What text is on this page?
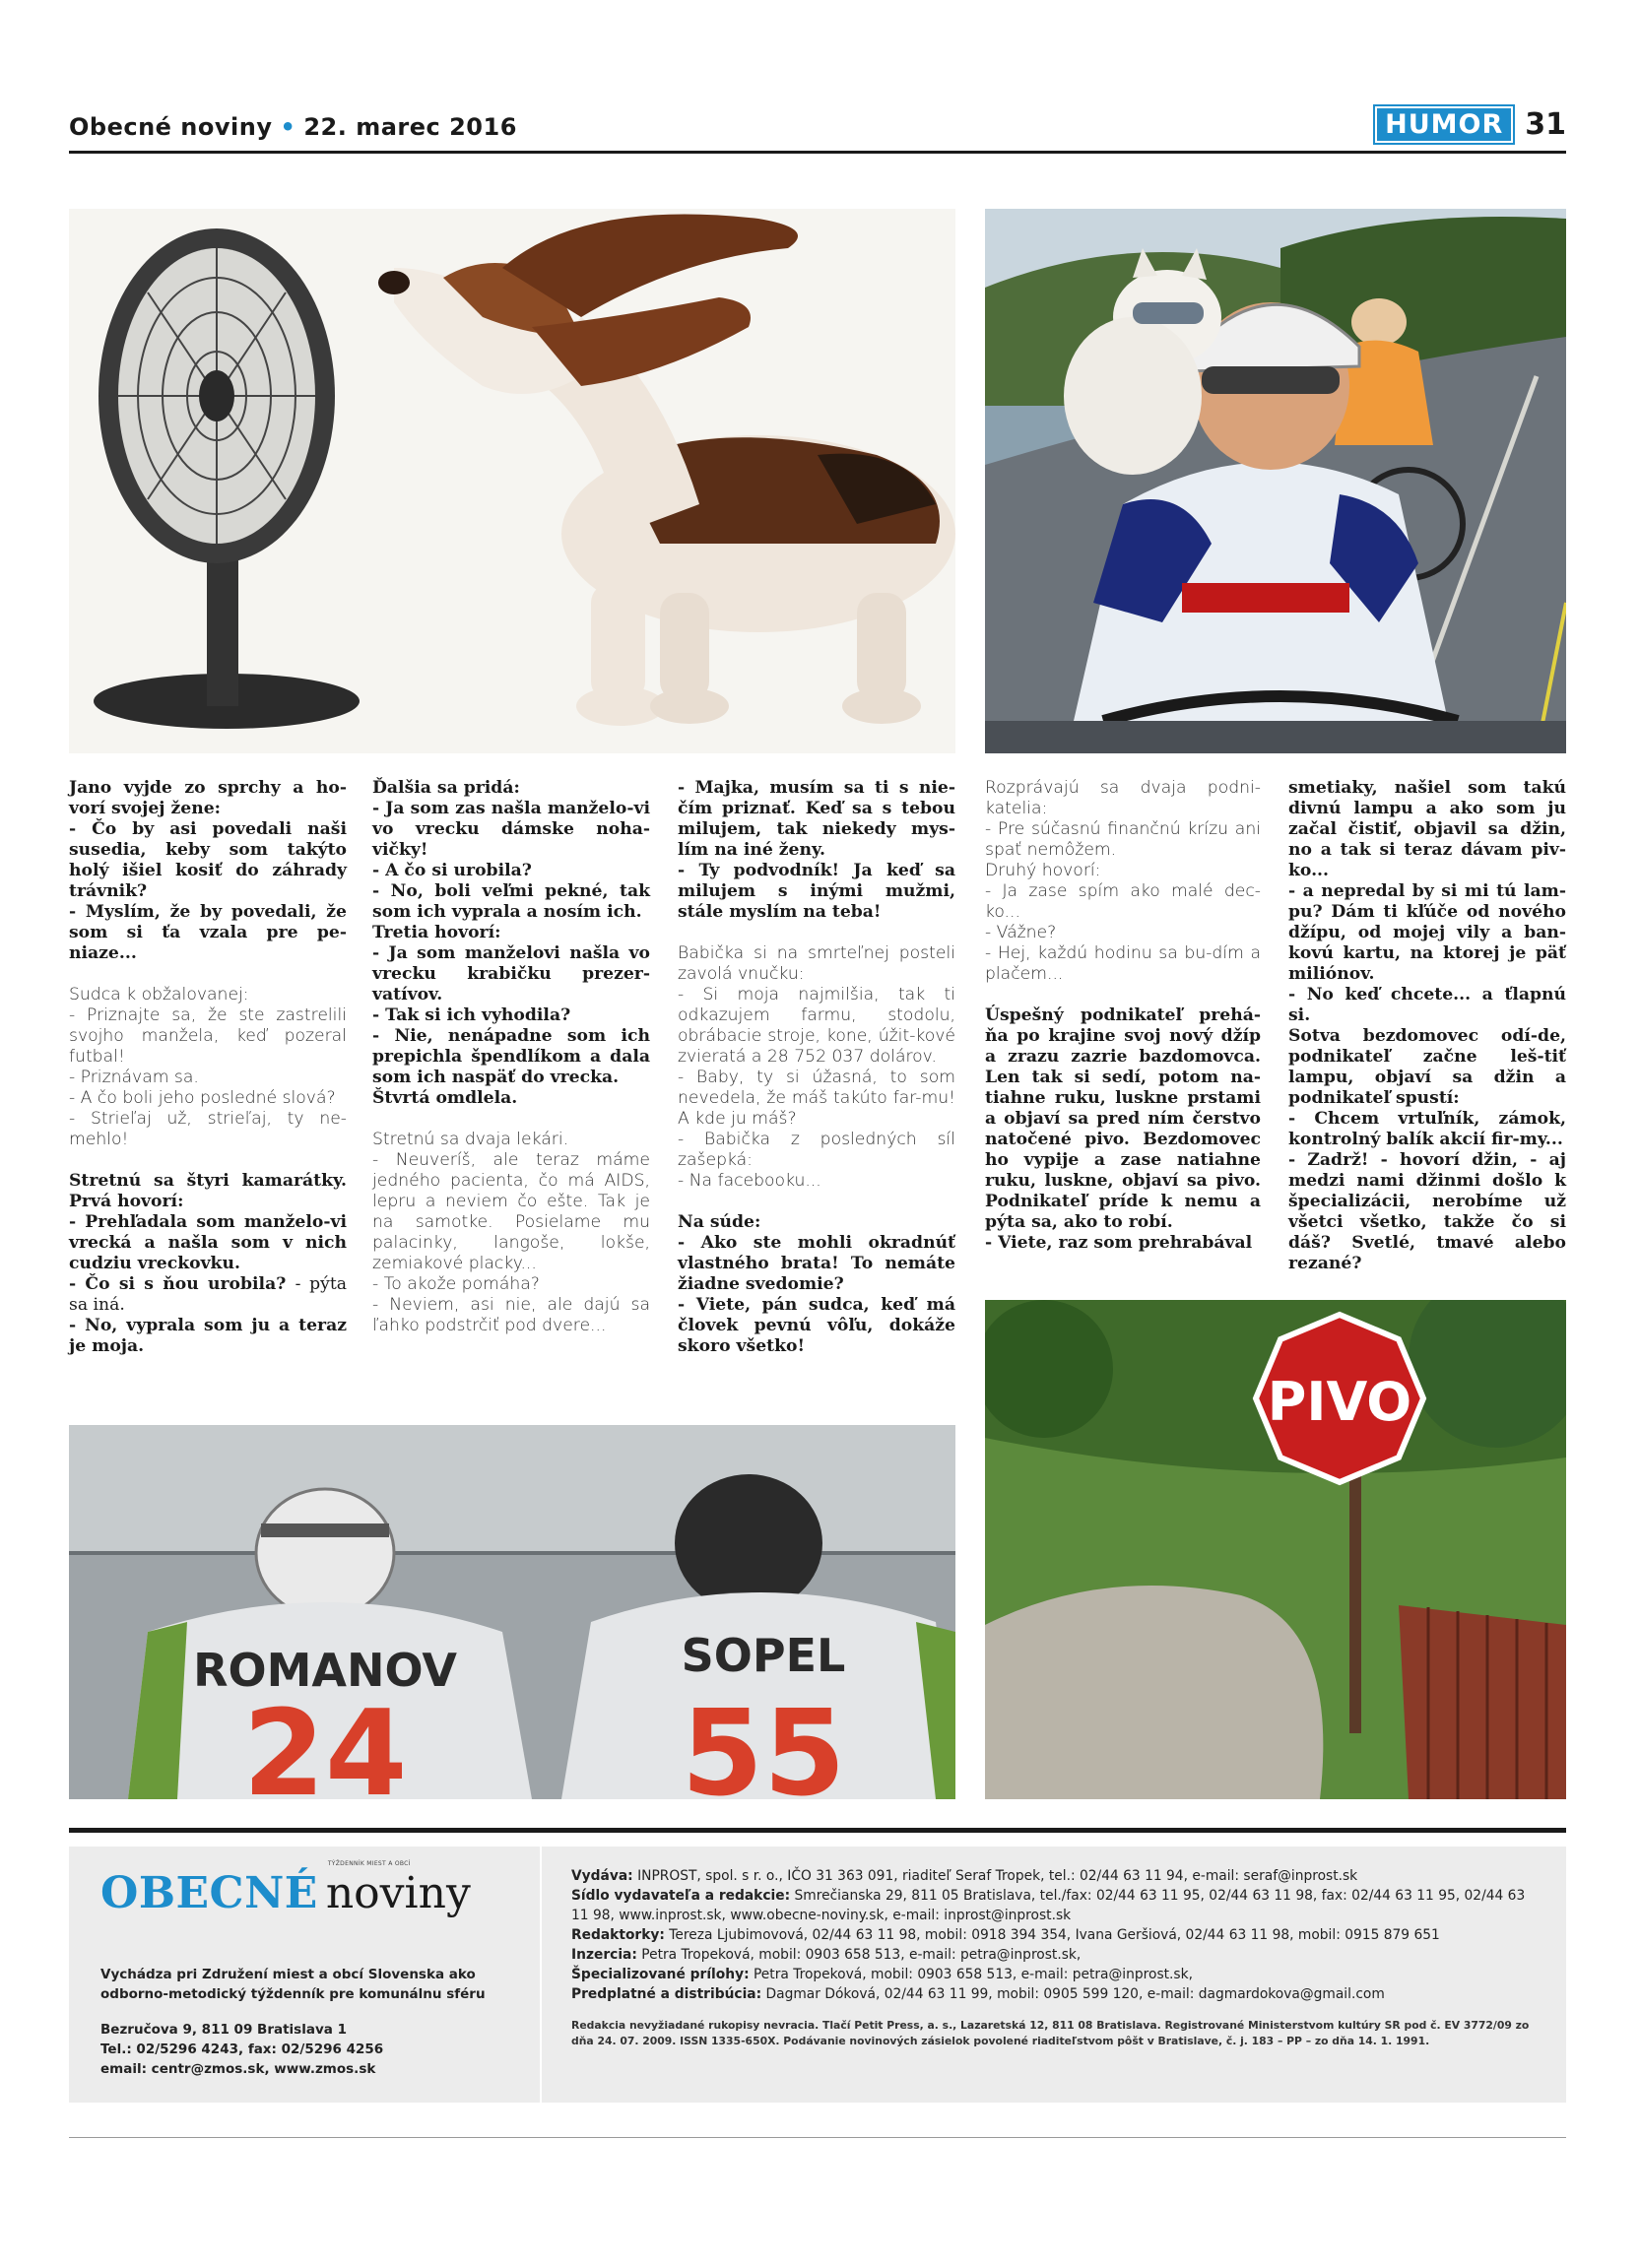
Obecné noviny • 22. marec 2016	HUMOR 31

Jano vyjde zo sprchy a ho-vorí svojej žene:
- Čo by asi povedali naši susedia, keby som takýto holý išiel kosiť do záhrady trávnik?
- Myslím, že by povedali, že som si ťa vzala pre pe-niaze...

Sudca k obžalovanej:
- Priznajte sa, že ste zastrelili svojho manžela, keď pozeral futbal!
- Priznávam sa.
- A čo boli jeho posledné slová?
- Strieľaj už, strieľaj, ty ne-mehlo!

Stretnú sa štyri kamarátky. Prvá hovorí:
- Prehľadala som manželo-vi vrecká a našla som v nich cudziu vreckovku.
- Čo si s ňou urobila? - pýta sa iná.
- No, vyprala som ju a teraz je moja.

Ďalšia sa pridá:
- Ja som zas našla manželo-vi vo vrecku dámske noha-vičky!
- A čo si urobila?
- No, boli veľmi pekné, tak som ich vyprala a nosím ich.
Tretia hovorí:
- Ja som manželovi našla vo vrecku krabičku prezer-vatívov.
- Tak si ich vyhodila?
- Nie, nenápadne som ich prepichla špendlíkom a dala som ich naspäť do vrecka.
Štvrtá omdlela.

Stretnú sa dvaja lekári.
- Neuveríš, ale teraz máme jedného pacienta, čo má AIDS, lepru a neviem čo ešte. Tak je na samotke. Posielame mu palacinky, langoše, lokše, zemiakové placky...
- To akože pomáha?
- Neviem, asi nie, ale dajú sa ľahko podstrčiť pod dvere...

- Majka, musím sa ti s nie-čím priznať. Keď sa s tebou milujem, tak niekedy mys-lím na iné ženy.
- Ty podvodník! Ja keď sa milujem s inými mužmi, stále myslím na teba!

Babička si na smrteľnej posteli zavolá vnučku:
- Si moja najmilšia, tak ti odkazujem farmu, stodolu, obrábacie stroje, kone, úžit-kové zvieratá a 28 752 037 dolárov.
- Baby, ty si úžasná, to som nevedela, že máš takúto far-mu! A kde ju máš?
- Babička z posledných síl zašepká:
- Na facebooku...

Na súde:
- Ako ste mohli okradnúť vlastného brata! To nemáte žiadne svedomie?
- Viete, pán sudca, keď má človek pevnú vôľu, dokáže skoro všetko!

Rozprávajú sa dvaja podni-katelia:
- Pre súčasnú finančnú krízu ani spať nemôžem.
Druhý hovorí:
- Ja zase spím ako malé dec-ko...
- Vážne?
- Hej, každú hodinu sa bu-dím a plačem...

Úspešný podnikateľ prehá-ňa po krajine svoj nový džíp a zrazu zazrie bazdomovca. Len tak si sedí, potom na-tiahne ruku, luskne prstami a objaví sa pred ním čerstvo natočené pivo. Bezdomovec ho vypije a zase natiahne ruku, luskne, objaví sa pivo. Podnikateľ príde k nemu a pýta sa, ako to robí.
- Viete, raz som prehrabával

smetiaky, našiel som takú divnú lampu a ako som ju začal čistiť, objavil sa džin, no a tak si teraz dávam piv-ko...
- a nepredal by si mi tú lam-pu? Dám ti kľúče od nového džípu, od mojej vily a ban-kovú kartu, na ktorej je päť miliónov.
- No keď chcete... a ťlapnú si.
Sotva bezdomovec odí-de, podnikateľ začne leš-tiť lampu, objaví sa džin a podnikateľ spustí:
- Chcem vrtuľník, zámok, kontrolný balík akcií fir-my...
- Zadrž! - hovorí džin, - aj medzi nami džinmi došlo k špecializácii, nerobíme už všetci všetko, takže čo si dáš? Svetlé, tmavé alebo rezané?

ROMANOV
24
SOPEL
55
PIVO
OBECNÉ
TÝŽDENNÍK MIEST A OBCÍ
noviny
Vychádza pri Združení miest a obcí Slovenska ako odborno-metodický týždenník pre komunálnu sféru
Bezručova 9, 811 09 Bratislava 1
Tel.: 02/5296 4243, fax: 02/5296 4256
email: centr@zmos.sk, www.zmos.sk
Vydáva: INPROST, spol. s r. o., IČO 31 363 091, riaditeľ Seraf Tropek, tel.: 02/44 63 11 94, e-mail: seraf@inprost.sk
Sídlo vydavateľa a redakcie: Smrečianska 29, 811 05 Bratislava, tel./fax: 02/44 63 11 95, 02/44 63 11 98, fax: 02/44 63 11 95, 02/44 63 11 98, www.inprost.sk, www.obecne-noviny.sk, e-mail: inprost@inprost.sk
Redaktorky: Tereza Ljubimovová, 02/44 63 11 98, mobil: 0918 394 354, Ivana Geršiová, 02/44 63 11 98, mobil: 0915 879 651
Inzercia: Petra Tropeková, mobil: 0903 658 513, e-mail: petra@inprost.sk,
Špecializované prílohy: Petra Tropeková, mobil: 0903 658 513, e-mail: petra@inprost.sk,
Predplatné a distribúcia: Dagmar Dóková, 02/44 63 11 99, mobil: 0905 599 120, e-mail: dagmardokova@gmail.com
Redakcia nevyžiadané rukopisy nevracia. Tlačí Petit Press, a. s., Lazaretská 12, 811 08 Bratislava. Registrované Ministerstvom kultúry SR pod č. EV 3772/09 zo dňa 24. 07. 2009. ISSN 1335-650X. Podávanie novinových zásielok povolené riaditeľstvom pôšt v Bratislave, č. j. 183 – PP – zo dňa 14. 1. 1991.
